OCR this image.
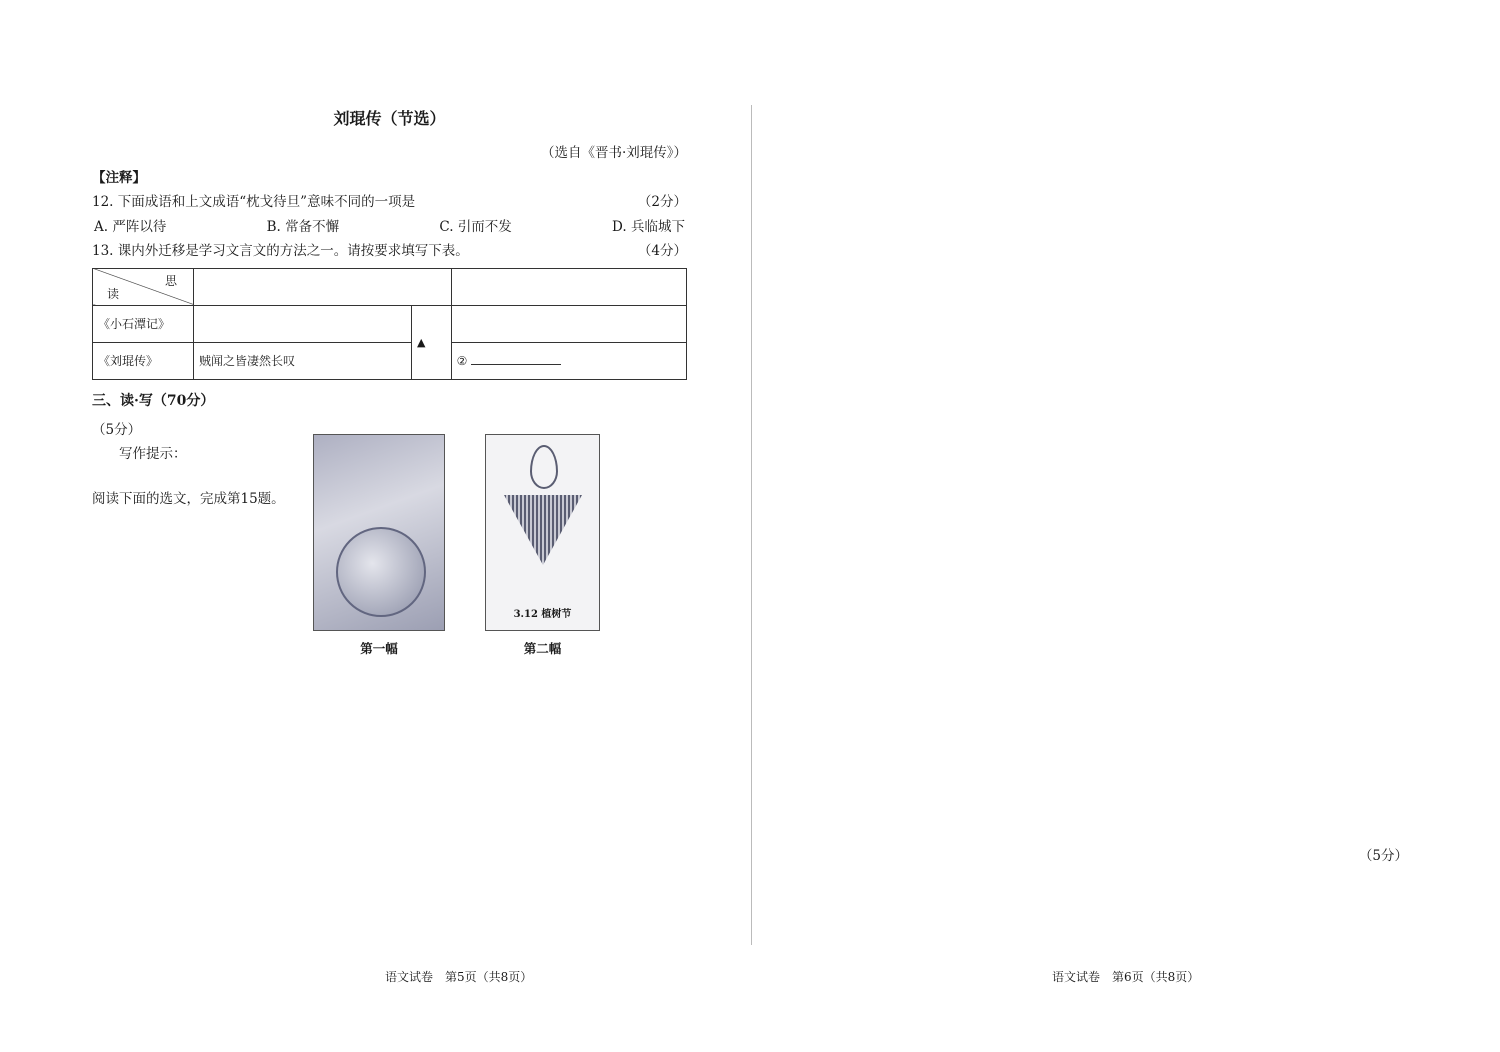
刘琨传（节选）

（选自《晋书·刘琨传》）

【注释】

12. 下面成语和上文成语“枕戈待旦”意味不同的一项是	（2分）
A. 严阵以待	B. 常备不懈	C. 引而不发	D. 兵临城下
13. 课内外迁移是学习文言文的方法之一。请按要求填写下表。	（4分）
思
读			

《小石潭记》		▲	
《刘琨传》	贼闻之皆凄然长叹		②
三、读·写（70分）

（5分）

写作提示：

阅读下面的选文，完成第15题。

第一幅
3.12 植树节
第二幅
（5分）
语文试卷　第5页（共8页）	语文试卷　第6页（共8页）
